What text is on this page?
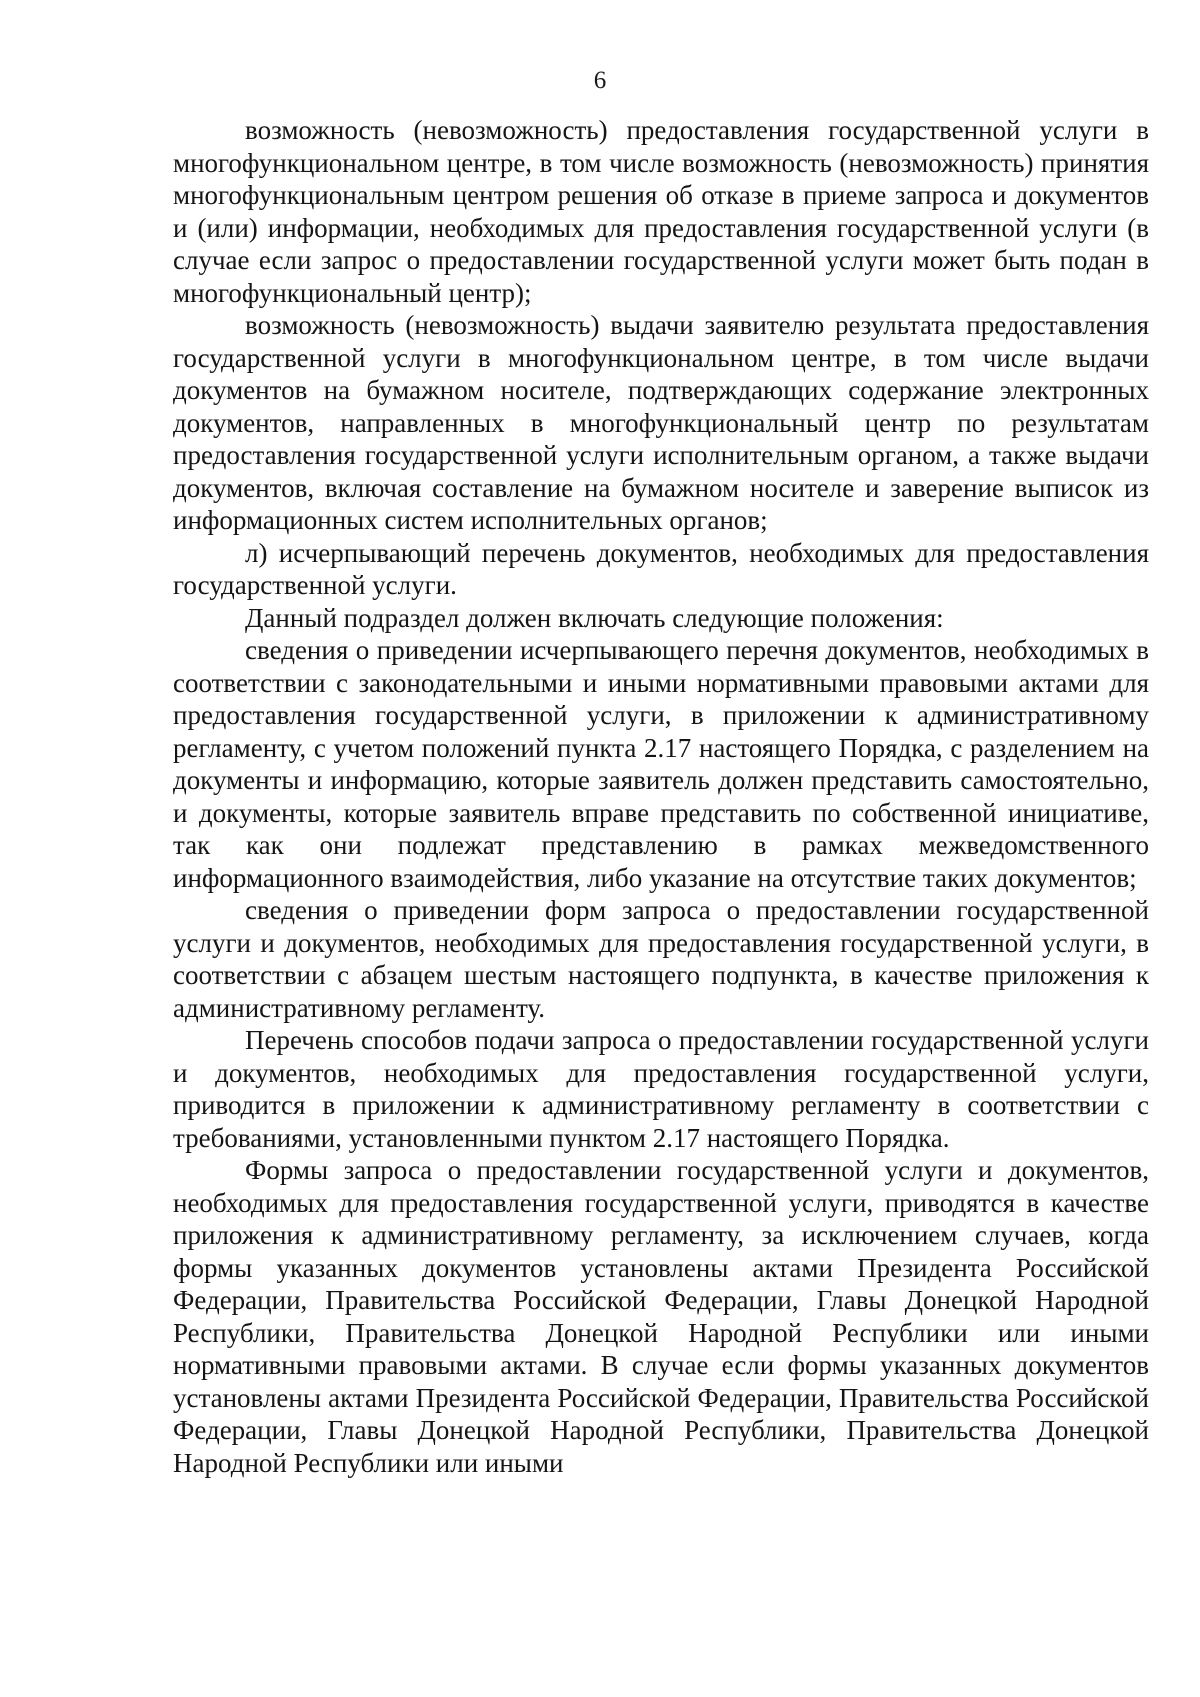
6

возможность (невозможность) предоставления государственной услуги в многофункциональном центре, в том числе возможность (невозможность) принятия многофункциональным центром решения об отказе в приеме запроса и документов и (или) информации, необходимых для предоставления государственной услуги (в случае если запрос о предоставлении государственной услуги может быть подан в многофункциональный центр);

возможность (невозможность) выдачи заявителю результата предоставления государственной услуги в многофункциональном центре, в том числе выдачи документов на бумажном носителе, подтверждающих содержание электронных документов, направленных в многофункциональный центр по результатам предоставления государственной услуги исполнительным органом, а также выдачи документов, включая составление на бумажном носителе и заверение выписок из информационных систем исполнительных органов;

л) исчерпывающий перечень документов, необходимых для предоставления государственной услуги.

Данный подраздел должен включать следующие положения:

сведения о приведении исчерпывающего перечня документов, необходимых в соответствии с законодательными и иными нормативными правовыми актами для предоставления государственной услуги, в приложении к административному регламенту, с учетом положений пункта 2.17 настоящего Порядка, с разделением на документы и информацию, которые заявитель должен представить самостоятельно, и документы, которые заявитель вправе представить по собственной инициативе, так как они подлежат представлению в рамках межведомственного информационного взаимодействия, либо указание на отсутствие таких документов;

сведения о приведении форм запроса о предоставлении государственной услуги и документов, необходимых для предоставления государственной услуги, в соответствии с абзацем шестым настоящего подпункта, в качестве приложения к административному регламенту.

Перечень способов подачи запроса о предоставлении государственной услуги и документов, необходимых для предоставления государственной услуги, приводится в приложении к административному регламенту в соответствии с требованиями, установленными пунктом 2.17 настоящего Порядка.

Формы запроса о предоставлении государственной услуги и документов, необходимых для предоставления государственной услуги, приводятся в качестве приложения к административному регламенту, за исключением случаев, когда формы указанных документов установлены актами Президента Российской Федерации, Правительства Российской Федерации, Главы Донецкой Народной Республики, Правительства Донецкой Народной Республики или иными нормативными правовыми актами. В случае если формы указанных документов установлены актами Президента Российской Федерации, Правительства Российской Федерации, Главы Донецкой Народной Республики, Правительства Донецкой Народной Республики или иными
